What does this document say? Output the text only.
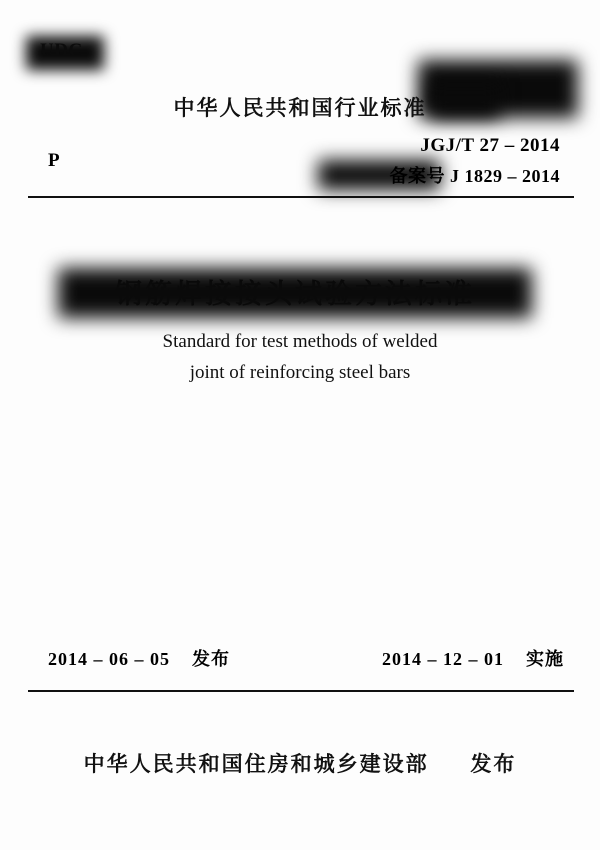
UDC
中华人民共和国行业标准
P
JGJ/T 27 – 2014
备案号 J 1829 – 2014
Standard for test methods of welded
joint of reinforcing steel bars
2014 – 06 – 05 发布	2014 – 12 – 01 实施
中华人民共和国住房和城乡建设部 发布
